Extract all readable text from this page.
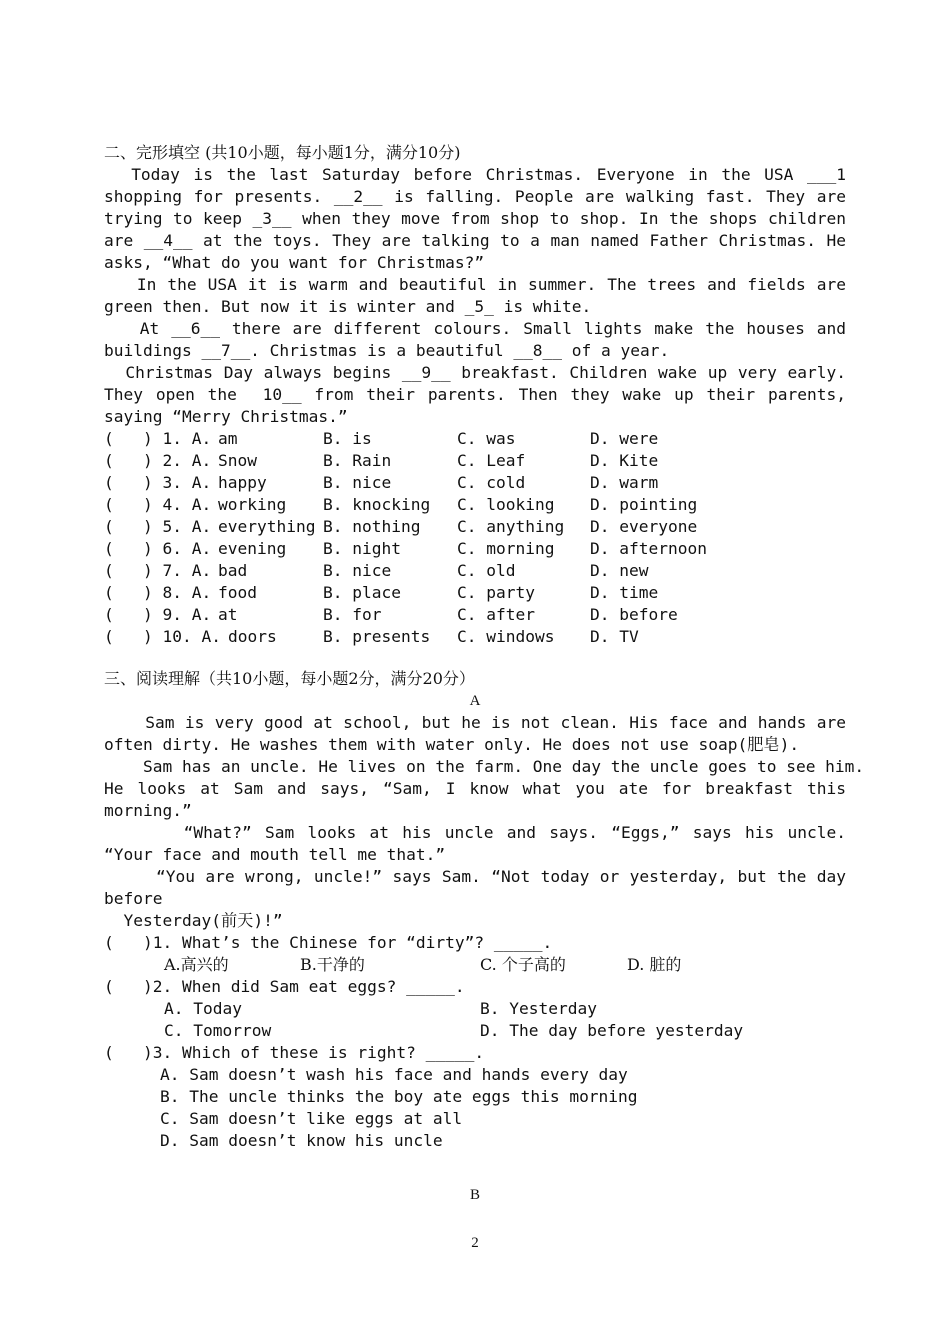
二、完形填空 (共10小题，每小题1分，满分10分)
Today is the last Saturday before Christmas. Everyone in the USA ___1
shopping for presents. __2__ is falling. People are walking fast. They are
trying to keep _3__ when they move from shop to shop. In the shops children
are __4__ at the toys. They are talking to a man named Father Christmas. He
asks, “What do you want for Christmas?”
In the USA it is warm and beautiful in summer. The trees and fields are
green then. But now it is winter and _5_ is white.
At __6__ there are different colours. Small lights make the houses and
buildings __7__. Christmas is a beautiful __8__ of a year.
Christmas Day always begins __9__ breakfast. Children wake up very early.
They open the  10__ from their parents. Then they wake up their parents,
saying “Merry Christmas.”
(   ) 1. A. am	B. is	C. was	D. were
(   ) 2. A. Snow	B. Rain	C. Leaf	D. Kite
(   ) 3. A. happy	B. nice	C. cold	D. warm
(   ) 4. A. working B. knocking C. looking D. pointing
(   ) 5. A. everything B. nothing C. anything D. everyone
(   ) 6. A. evening B. night	C. morning D. afternoon
(   ) 7. A. bad	B. nice	C. old	D. new
(   ) 8. A. food	B. place	C. party	D. time
(   ) 9. A. at	B. for	C. after	D. before
(   ) 10. A. doors	B. presents C. windows D. TV
三、阅读理解（共10小题，每小题2分，满分20分）
A
Sam is very good at school, but he is not clean. His face and hands are
often dirty. He washes them with water only. He does not use soap(肥皂).
Sam has an uncle. He lives on the farm. One day the uncle goes to see him.
He looks at Sam and says, “Sam, I know what you ate for breakfast this
morning.”
“What?” Sam looks at his uncle and says. “Eggs,” says his uncle.
“Your face and mouth tell me that.”
“You are wrong, uncle!” says Sam. “Not today or yesterday, but the day
before
Yesterday(前天)!”
(   )1. What’s the Chinese for “dirty”? _____.
A.高兴的	B.干净的	C. 个子高的	D. 脏的
(   )2. When did Sam eat eggs? _____.
A. Today	B. Yesterday
C. Tomorrow	D. The day before yesterday
(   )3. Which of these is right? _____.
A. Sam doesn’t wash his face and hands every day
B. The uncle thinks the boy ate eggs this morning
C. Sam doesn’t like eggs at all
D. Sam doesn’t know his uncle
B
2
